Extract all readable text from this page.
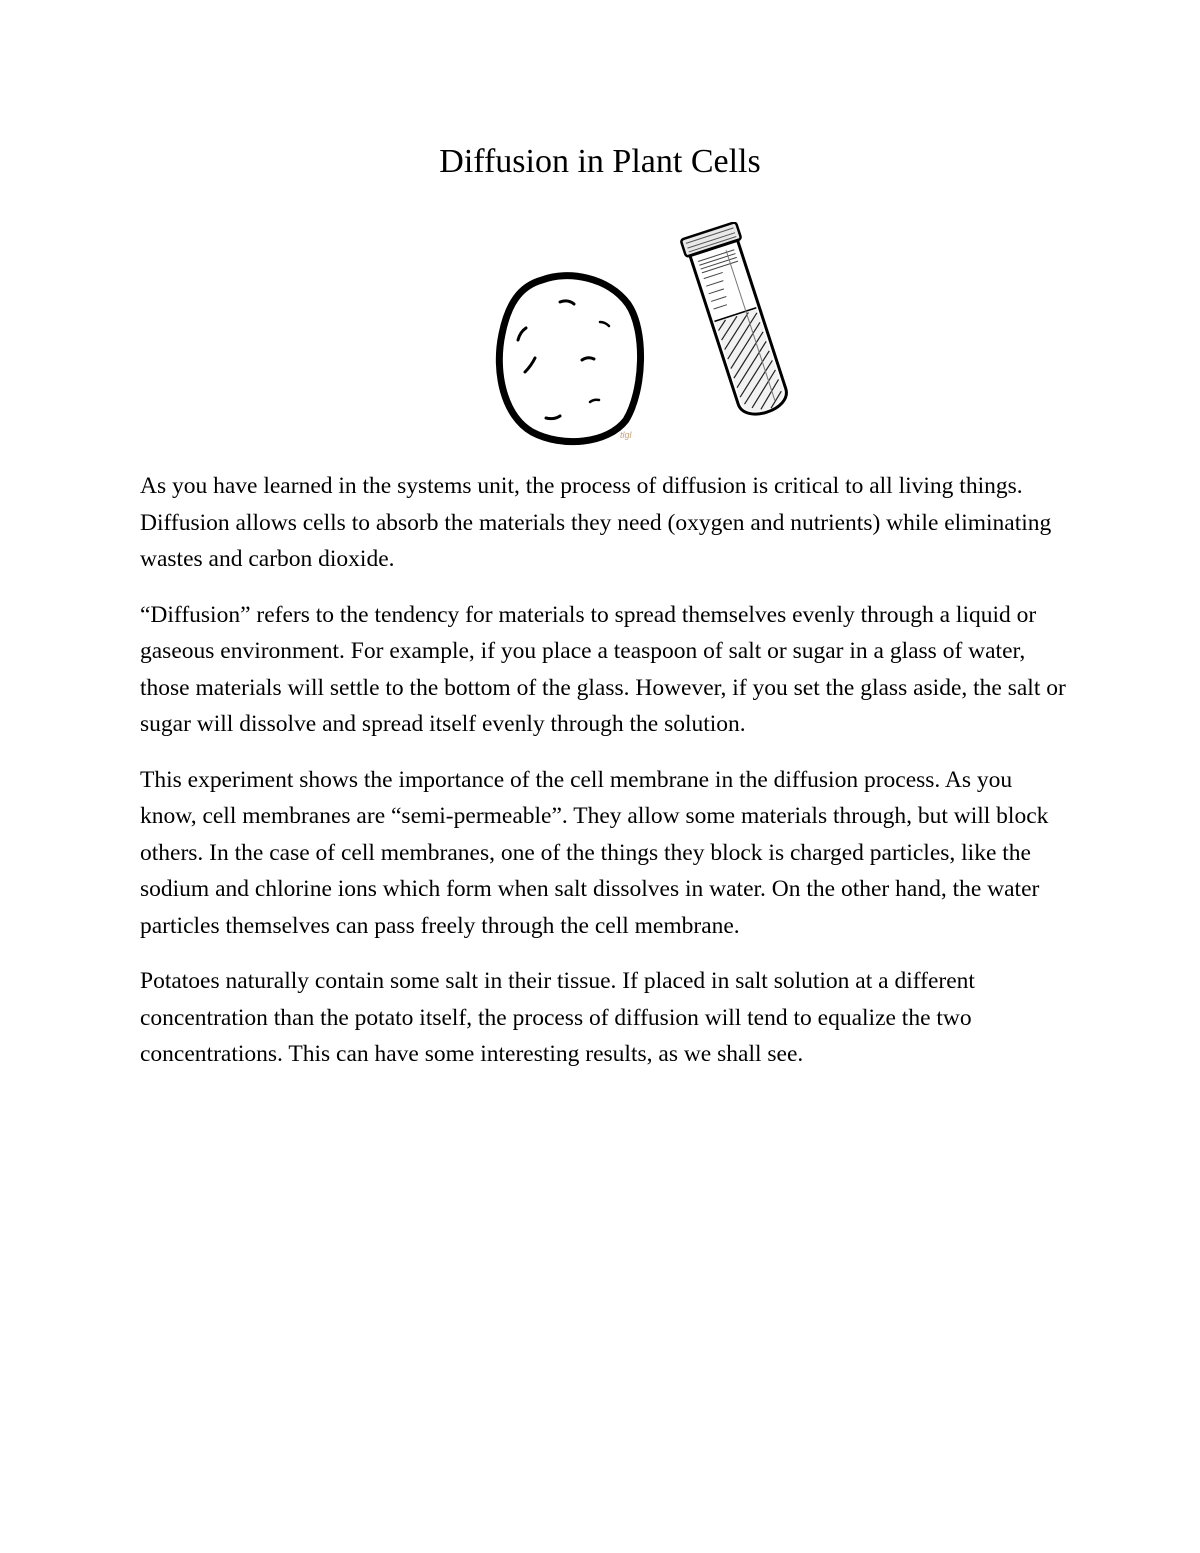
Diffusion in Plant Cells
tlgl

As you have learned in the systems unit, the process of diffusion is critical to all living things. Diffusion allows cells to absorb the materials they need (oxygen and nutrients) while eliminating wastes and carbon dioxide.

“Diffusion” refers to the tendency for materials to spread themselves evenly through a liquid or gaseous environment. For example, if you place a teaspoon of salt or sugar in a glass of water, those materials will settle to the bottom of the glass. However, if you set the glass aside, the salt or sugar will dissolve and spread itself evenly through the solution.

This experiment shows the importance of the cell membrane in the diffusion process. As you know, cell membranes are “semi-permeable”. They allow some materials through, but will block others. In the case of cell membranes, one of the things they block is charged particles, like the sodium and chlorine ions which form when salt dissolves in water. On the other hand, the water particles themselves can pass freely through the cell membrane.

Potatoes naturally contain some salt in their tissue. If placed in salt solution at a different concentration than the potato itself, the process of diffusion will tend to equalize the two concentrations. This can have some interesting results, as we shall see.
